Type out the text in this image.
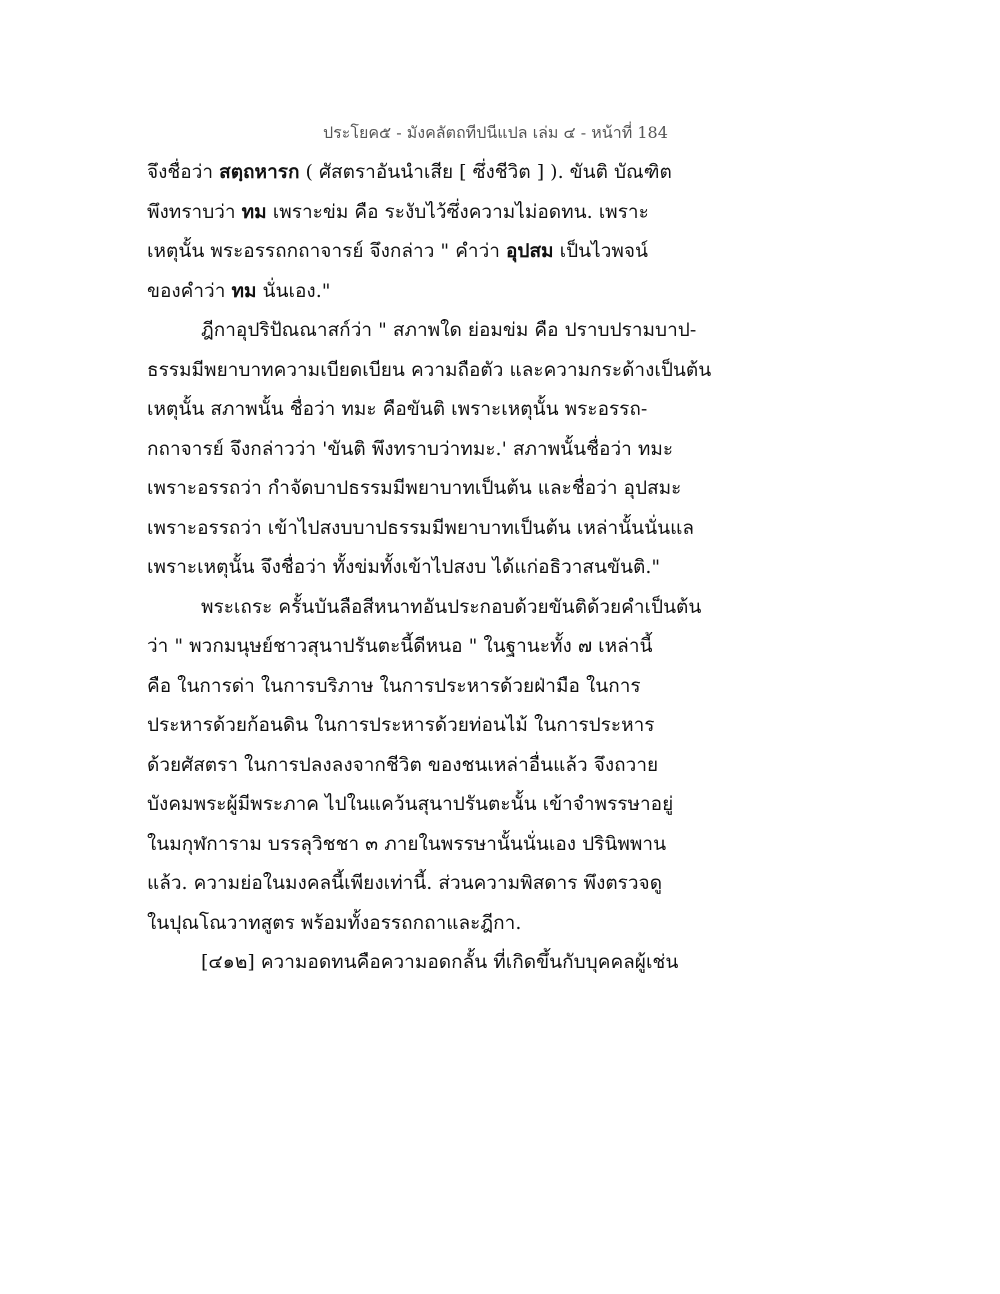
ประโยค๕ - มังคลัตถทีปนีแปล เล่ม ๔ - หน้าที่ 184
จึงชื่อว่า สตฺถหารก ( ศัสตราอันนำเสีย [ ซึ่งชีวิต ] ). ขันติ บัณฑิต
พึงทราบว่า ทม เพราะข่ม คือ ระงับไว้ซึ่งความไม่อดทน. เพราะ
เหตุนั้น พระอรรถกถาจารย์ จึงกล่าว " คำว่า อุปสม เป็นไวพจน์
ของคำว่า ทม นั่นเอง."
ฎีกาอุปริปัณณาสก์ว่า " สภาพใด ย่อมข่ม คือ ปราบปรามบาป-
ธรรมมีพยาบาทความเบียดเบียน ความถือตัว และความกระด้างเป็นต้น
เหตุนั้น สภาพนั้น ชื่อว่า ทมะ คือขันติ เพราะเหตุนั้น พระอรรถ-
กถาจารย์ จึงกล่าวว่า 'ขันติ พึงทราบว่าทมะ.' สภาพนั้นชื่อว่า ทมะ
เพราะอรรถว่า กำจัดบาปธรรมมีพยาบาทเป็นต้น และชื่อว่า อุปสมะ
เพราะอรรถว่า เข้าไปสงบบาปธรรมมีพยาบาทเป็นต้น เหล่านั้นนั่นแล
เพราะเหตุนั้น จึงชื่อว่า ทั้งข่มทั้งเข้าไปสงบ ได้แก่อธิวาสนขันติ."
พระเถระ ครั้นบันลือสีหนาทอันประกอบด้วยขันติด้วยคำเป็นต้น
ว่า " พวกมนุษย์ชาวสุนาปรันตะนี้ดีหนอ " ในฐานะทั้ง ๗ เหล่านี้
คือ ในการด่า ในการบริภาษ ในการประหารด้วยฝ่ามือ ในการ
ประหารด้วยก้อนดิน ในการประหารด้วยท่อนไม้ ในการประหาร
ด้วยศัสตรา ในการปลงลงจากชีวิต ของชนเหล่าอื่นแล้ว จึงถวาย
บังคมพระผู้มีพระภาค ไปในแคว้นสุนาปรันตะนั้น เข้าจำพรรษาอยู่
ในมกุฬการาม บรรลุวิชชา ๓ ภายในพรรษานั้นนั่นเอง ปรินิพพาน
แล้ว. ความย่อในมงคลนี้เพียงเท่านี้. ส่วนความพิสดาร พึงตรวจดู
ในปุณโณวาทสูตร พร้อมทั้งอรรถกถาและฎีกา.
[๔๑๒] ความอดทนคือความอดกลั้น ที่เกิดขึ้นกับบุคคลผู้เช่น
